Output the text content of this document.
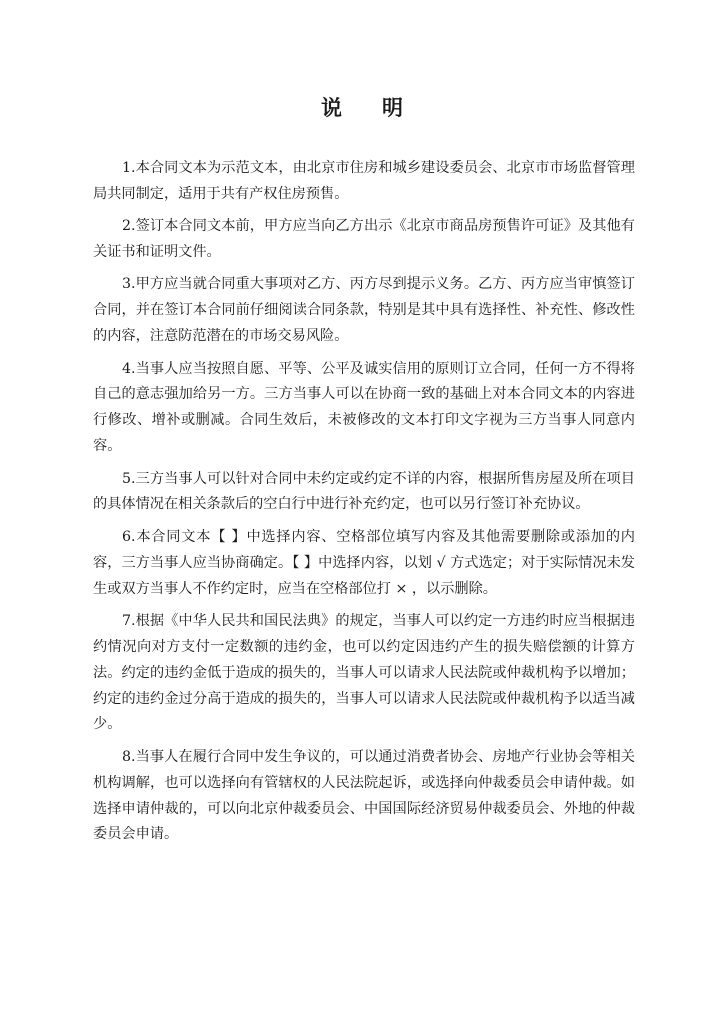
说 明

1.本合同文本为示范文本，由北京市住房和城乡建设委员会、北京市市场监督管理局共同制定，适用于共有产权住房预售。

2.签订本合同文本前，甲方应当向乙方出示《北京市商品房预售许可证》及其他有关证书和证明文件。

3.甲方应当就合同重大事项对乙方、丙方尽到提示义务。乙方、丙方应当审慎签订合同，并在签订本合同前仔细阅读合同条款，特别是其中具有选择性、补充性、修改性的内容，注意防范潜在的市场交易风险。

4.当事人应当按照自愿、平等、公平及诚实信用的原则订立合同，任何一方不得将自己的意志强加给另一方。三方当事人可以在协商一致的基础上对本合同文本的内容进行修改、增补或删减。合同生效后，未被修改的文本打印文字视为三方当事人同意内容。

5.三方当事人可以针对合同中未约定或约定不详的内容，根据所售房屋及所在项目的具体情况在相关条款后的空白行中进行补充约定，也可以另行签订补充协议。

6.本合同文本【 】中选择内容、空格部位填写内容及其他需要删除或添加的内容，三方当事人应当协商确定。【 】中选择内容，以划 √ 方式选定；对于实际情况未发生或双方当事人不作约定时，应当在空格部位打 × ，以示删除。

7.根据《中华人民共和国民法典》的规定，当事人可以约定一方违约时应当根据违约情况向对方支付一定数额的违约金，也可以约定因违约产生的损失赔偿额的计算方法。约定的违约金低于造成的损失的，当事人可以请求人民法院或仲裁机构予以增加；约定的违约金过分高于造成的损失的，当事人可以请求人民法院或仲裁机构予以适当减少。

8.当事人在履行合同中发生争议的，可以通过消费者协会、房地产行业协会等相关机构调解，也可以选择向有管辖权的人民法院起诉，或选择向仲裁委员会申请仲裁。如选择申请仲裁的，可以向北京仲裁委员会、中国国际经济贸易仲裁委员会、外地的仲裁委员会申请。
